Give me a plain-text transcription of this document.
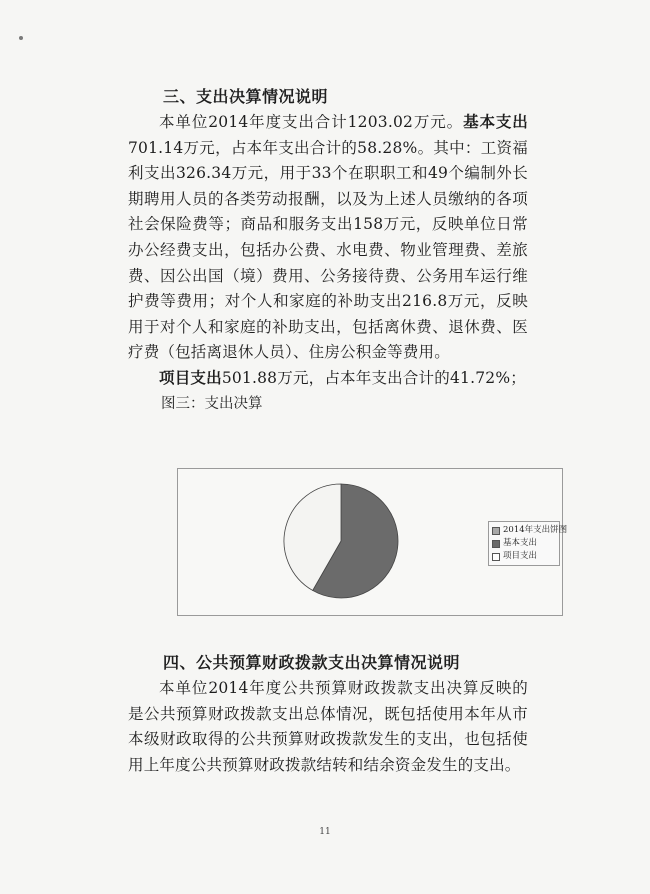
三、支出决算情况说明

本单位2014年度支出合计1203.02万元。基本支出701.14万元，占本年支出合计的58.28%。其中：工资福利支出326.34万元，用于33个在职职工和49个编制外长期聘用人员的各类劳动报酬，以及为上述人员缴纳的各项社会保险费等；商品和服务支出158万元，反映单位日常办公经费支出，包括办公费、水电费、物业管理费、差旅费、因公出国（境）费用、公务接待费、公务用车运行维护费等费用；对个人和家庭的补助支出216.8万元，反映用于对个人和家庭的补助支出，包括离休费、退休费、医疗费（包括离退休人员）、住房公积金等费用。

项目支出501.88万元，占本年支出合计的41.72%；

图三：支出决算

2014年支出饼图
基本支出
项目支出
四、公共预算财政拨款支出决算情况说明

本单位2014年度公共预算财政拨款支出决算反映的是公共预算财政拨款支出总体情况，既包括使用本年从市本级财政取得的公共预算财政拨款发生的支出，也包括使用上年度公共预算财政拨款结转和结余资金发生的支出。

11
